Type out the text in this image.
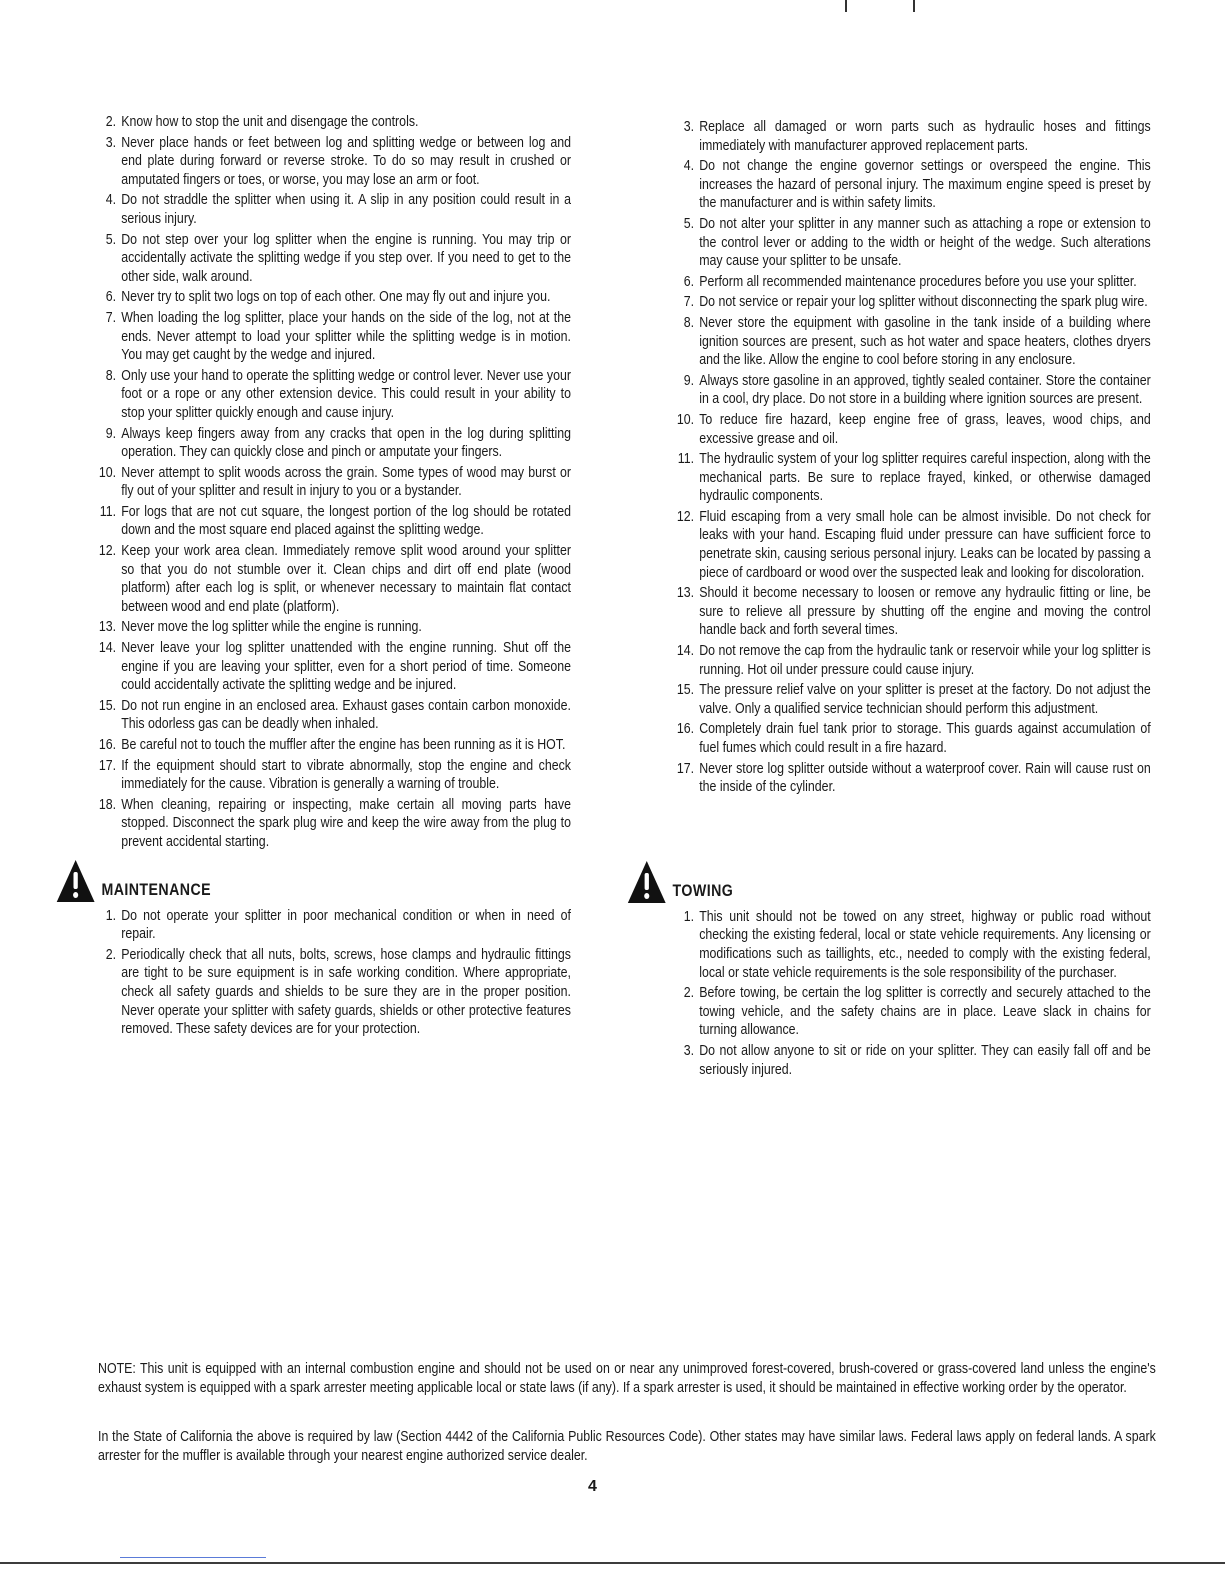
2. Know how to stop the unit and disengage the controls.
3. Never place hands or feet between log and splitting wedge or between log and end plate during forward or reverse stroke. To do so may result in crushed or amputated fingers or toes, or worse, you may lose an arm or foot.
4. Do not straddle the splitter when using it. A slip in any position could result in a serious injury.
5. Do not step over your log splitter when the engine is running. You may trip or accidentally activate the splitting wedge if you step over. If you need to get to the other side, walk around.
6. Never try to split two logs on top of each other. One may fly out and injure you.
7. When loading the log splitter, place your hands on the side of the log, not at the ends. Never attempt to load your splitter while the splitting wedge is in motion. You may get caught by the wedge and injured.
8. Only use your hand to operate the splitting wedge or control lever. Never use your foot or a rope or any other extension device. This could result in your ability to stop your splitter quickly enough and cause injury.
9. Always keep fingers away from any cracks that open in the log during splitting operation. They can quickly close and pinch or amputate your fingers.
10. Never attempt to split woods across the grain. Some types of wood may burst or fly out of your splitter and result in injury to you or a bystander.
11. For logs that are not cut square, the longest portion of the log should be rotated down and the most square end placed against the splitting wedge.
12. Keep your work area clean. Immediately remove split wood around your splitter so that you do not stumble over it. Clean chips and dirt off end plate (wood platform) after each log is split, or whenever necessary to maintain flat contact between wood and end plate (platform).
13. Never move the log splitter while the engine is running.
14. Never leave your log splitter unattended with the engine running. Shut off the engine if you are leaving your splitter, even for a short period of time. Someone could accidentally activate the splitting wedge and be injured.
15. Do not run engine in an enclosed area. Exhaust gases contain carbon monoxide. This odorless gas can be deadly when inhaled.
16. Be careful not to touch the muffler after the engine has been running as it is HOT.
17. If the equipment should start to vibrate abnormally, stop the engine and check immediately for the cause. Vibration is generally a warning of trouble.
18. When cleaning, repairing or inspecting, make certain all moving parts have stopped. Disconnect the spark plug wire and keep the wire away from the plug to prevent accidental starting.
MAINTENANCE
1. Do not operate your splitter in poor mechanical condition or when in need of repair.
2. Periodically check that all nuts, bolts, screws, hose clamps and hydraulic fittings are tight to be sure equipment is in safe working condition. Where appropriate, check all safety guards and shields to be sure they are in the proper position. Never operate your splitter with safety guards, shields or other protective features removed. These safety devices are for your protection.
3. Replace all damaged or worn parts such as hydraulic hoses and fittings immediately with manufacturer approved replacement parts.
4. Do not change the engine governor settings or overspeed the engine. This increases the hazard of personal injury. The maximum engine speed is preset by the manufacturer and is within safety limits.
5. Do not alter your splitter in any manner such as attaching a rope or extension to the control lever or adding to the width or height of the wedge. Such alterations may cause your splitter to be unsafe.
6. Perform all recommended maintenance procedures before you use your splitter.
7. Do not service or repair your log splitter without disconnecting the spark plug wire.
8. Never store the equipment with gasoline in the tank inside of a building where ignition sources are present, such as hot water and space heaters, clothes dryers and the like. Allow the engine to cool before storing in any enclosure.
9. Always store gasoline in an approved, tightly sealed container. Store the container in a cool, dry place. Do not store in a building where ignition sources are present.
10. To reduce fire hazard, keep engine free of grass, leaves, wood chips, and excessive grease and oil.
11. The hydraulic system of your log splitter requires careful inspection, along with the mechanical parts. Be sure to replace frayed, kinked, or otherwise damaged hydraulic components.
12. Fluid escaping from a very small hole can be almost invisible. Do not check for leaks with your hand. Escaping fluid under pressure can have sufficient force to penetrate skin, causing serious personal injury. Leaks can be located by passing a piece of cardboard or wood over the suspected leak and looking for discoloration.
13. Should it become necessary to loosen or remove any hydraulic fitting or line, be sure to relieve all pressure by shutting off the engine and moving the control handle back and forth several times.
14. Do not remove the cap from the hydraulic tank or reservoir while your log splitter is running. Hot oil under pressure could cause injury.
15. The pressure relief valve on your splitter is preset at the factory. Do not adjust the valve. Only a qualified service technician should perform this adjustment.
16. Completely drain fuel tank prior to storage. This guards against accumulation of fuel fumes which could result in a fire hazard.
17. Never store log splitter outside without a waterproof cover. Rain will cause rust on the inside of the cylinder.
TOWING
1. This unit should not be towed on any street, highway or public road without checking the existing federal, local or state vehicle requirements. Any licensing or modifications such as taillights, etc., needed to comply with the existing federal, local or state vehicle requirements is the sole responsibility of the purchaser.
2. Before towing, be certain the log splitter is correctly and securely attached to the towing vehicle, and the safety chains are in place. Leave slack in chains for turning allowance.
3. Do not allow anyone to sit or ride on your splitter. They can easily fall off and be seriously injured.
NOTE: This unit is equipped with an internal combustion engine and should not be used on or near any unimproved forest-covered, brush-covered or grass-covered land unless the engine's exhaust system is equipped with a spark arrester meeting applicable local or state laws (if any). If a spark arrester is used, it should be maintained in effective working order by the operator.
In the State of California the above is required by law (Section 4442 of the California Public Resources Code). Other states may have similar laws. Federal laws apply on federal lands. A spark arrester for the muffler is available through your nearest engine authorized service dealer.
4
